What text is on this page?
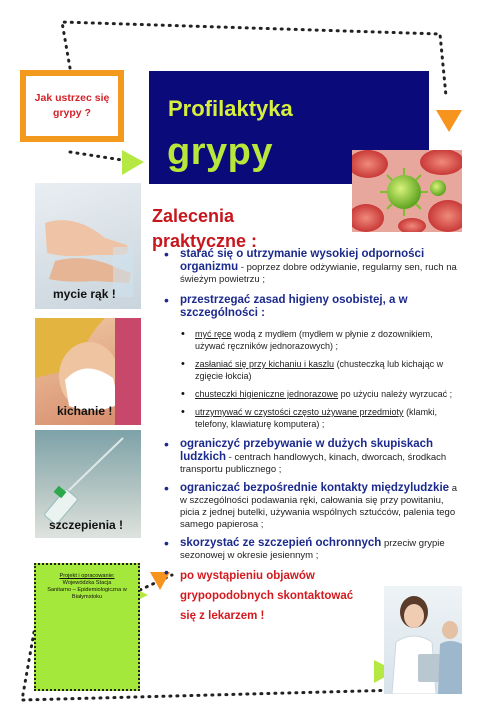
Jak ustrzec się grypy ?	Profilaktyka
grypy
mycie rąk !
kichanie !
szczepienia !
Zalecenia
praktyczne :
• starać się o utrzymanie wysokiej odporności organizmu - poprzez dobre odżywianie, regularny sen, ruch na świeżym powietrzu ;
• przestrzegać zasad higieny osobistej, a w szczególności :
• myć ręce wodą z mydłem (mydłem w płynie z dozownikiem, używać ręczników jednorazowych) ;
• zasłaniać się przy kichaniu i kaszlu (chusteczką lub kichając w zgięcie łokcia)
• chusteczki higieniczne jednorazowe po użyciu należy wyrzucać ;
• utrzymywać w czystości często używane przedmioty (klamki, telefony, klawiaturę komputera) ;
• ograniczyć przebywanie w dużych skupiskach ludzkich - centrach handlowych, kinach, dworcach, środkach transportu publicznego ;
• ograniczać bezpośrednie kontakty międzyludzkie a w szczególności podawania ręki, całowania się przy powitaniu, picia z jednej butelki, używania wspólnych sztućców, palenia tego samego papierosa ;
• skorzystać ze szczepień ochronnych przeciw grypie sezonowej w okresie jesiennym ;
• po wystąpieniu objawów
grypopodobnych skontaktować
się z lekarzem !
Projekt i opracowanie:
Wojewódzka Stacja
Sanitarno – Epidemiologiczna w
Białymstoku
